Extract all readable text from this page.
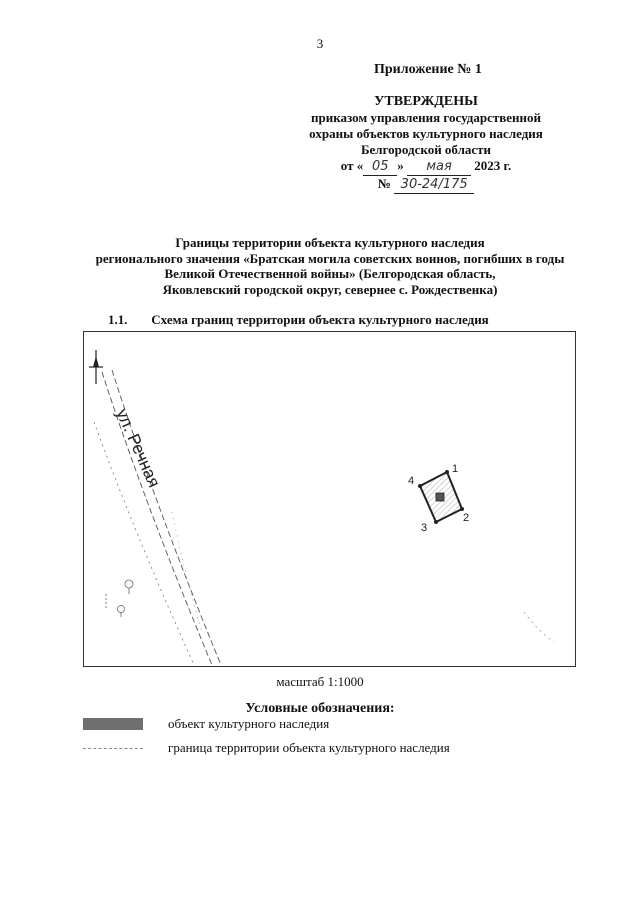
3
Приложение № 1
УТВЕРЖДЕНЫ
приказом управления государственной
охраны объектов культурного наследия
Белгородской области
от « 05 » мая 2023 г.
№ 30-24/175
Границы территории объекта культурного наследия
регионального значения «Братская могила советских воинов, погибших в годы
Великой Отечественной войны» (Белгородская область,
Яковлевский городской округ, севернее с. Рождественка)
1.1. Схема границ территории объекта культурного наследия
ул. Речная	1
2
3
4
масштаб 1:1000
Условные обозначения:
объект культурного наследия
граница территории объекта культурного наследия
